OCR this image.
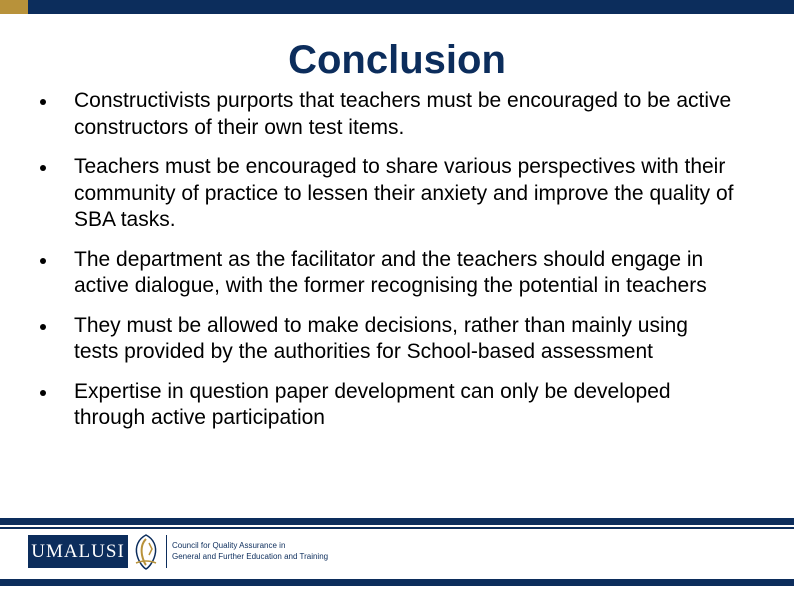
Conclusion
Constructivists purports that teachers must be encouraged to be active constructors of their own test items.
Teachers must be encouraged to share various perspectives with their community of practice to lessen their anxiety and improve the quality of SBA tasks.
The department as the facilitator and the teachers should engage in active dialogue, with the former recognising the potential in teachers
They must be allowed to make decisions, rather than mainly using tests provided by the authorities for School-based assessment
Expertise in question paper development can only be developed through active participation
UMALUSI	Council for Quality Assurance in
General and Further Education and Training
